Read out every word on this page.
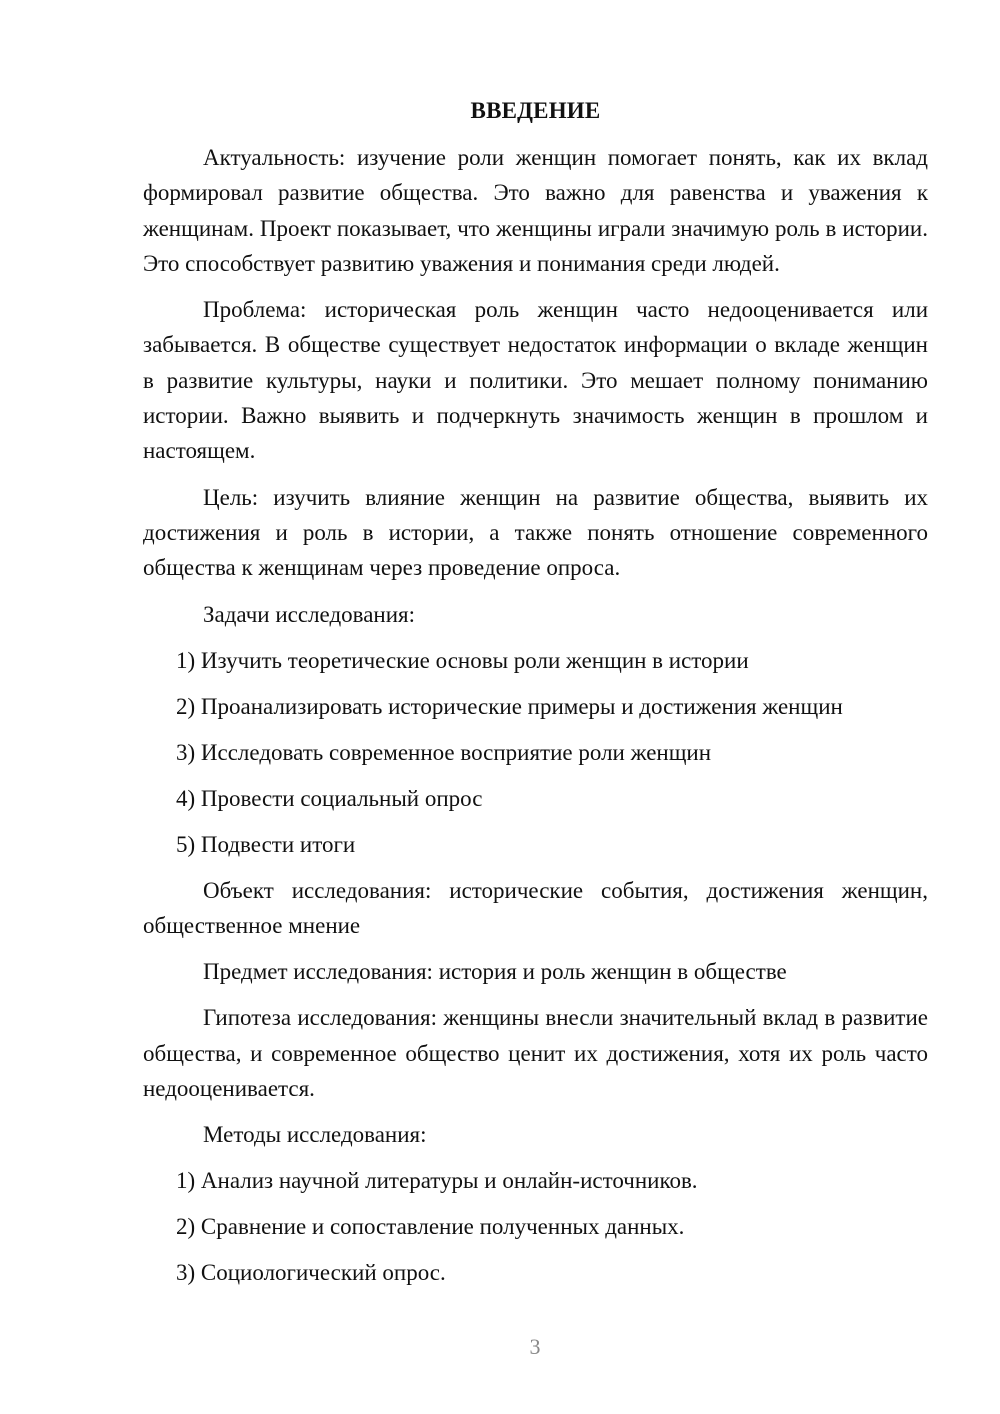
ВВЕДЕНИЕ

Актуальность: изучение роли женщин помогает понять, как их вклад формировал развитие общества. Это важно для равенства и уважения к женщинам. Проект показывает, что женщины играли значимую роль в истории. Это способствует развитию уважения и понимания среди людей.

Проблема: историческая роль женщин часто недооценивается или забывается. В обществе существует недостаток информации о вкладе женщин в развитие культуры, науки и политики. Это мешает полному пониманию истории. Важно выявить и подчеркнуть значимость женщин в прошлом и настоящем.

Цель: изучить влияние женщин на развитие общества, выявить их достижения и роль в истории, а также понять отношение современного общества к женщинам через проведение опроса.

Задачи исследования:
1) Изучить теоретические основы роли женщин в истории
2) Проанализировать исторические примеры и достижения женщин
3) Исследовать современное восприятие роли женщин
4) Провести социальный опрос
5) Подвести итоги

Объект исследования: исторические события, достижения женщин, общественное мнение

Предмет исследования: история и роль женщин в обществе

Гипотеза исследования: женщины внесли значительный вклад в развитие общества, и современное общество ценит их достижения, хотя их роль часто недооценивается.

Методы исследования:
1) Анализ научной литературы и онлайн-источников.
2) Сравнение и сопоставление полученных данных.
3) Социологический опрос.
3
